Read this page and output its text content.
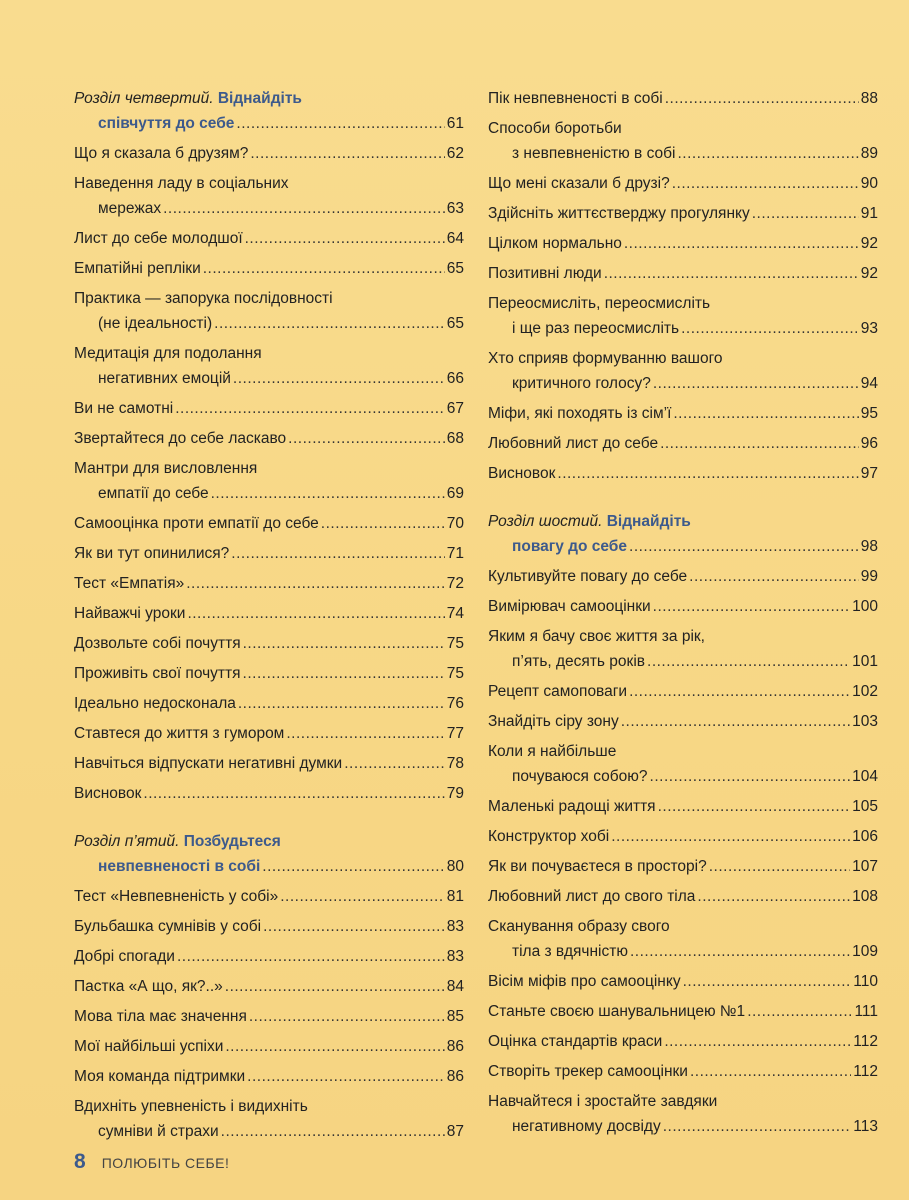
Розділ четвертий.
Віднайдіть
співчуття до себе .....	61
Що я сказала б друзям? .....	62
Наведення ладу в соціальних
мережах .....	63
Лист до себе молодшої .....	64
Емпатійні репліки .....	65
Практика — запорука послідовності
(не ідеальності) .....	65
Медитація для подолання
негативних емоцій .....	66
Ви не самотні .....	67
Звертайтеся до себе ласкаво .....	68
Мантри для висловлення
емпатії до себе .....	69
Самооцінка проти емпатії до себе .....	70
Як ви тут опинилися? .....	71
Тест «Емпатія» .....	72
Найважчі уроки .....	74
Дозвольте собі почуття .....	75
Проживіть свої почуття .....	75
Ідеально недосконала .....	76
Ставтеся до життя з гумором .....	77
Навчіться відпускати негативні думки .....	78
Висновок .....	79
Розділ п’ятий.
Позбудьтеся
невпевненості в собі .....	80
Тест «Невпевненість у собі» .....	81
Бульбашка сумнівів у собі .....	83
Добрі спогади .....	83
Пастка «А що, як?..» .....	84
Мова тіла має значення .....	85
Мої найбільші успіхи .....	86
Моя команда підтримки .....	86
Вдихніть упевненість і видихніть
сумніви й страхи .....	87
Пік невпевненості в собі .....	88
Способи боротьби
з невпевненістю в собі .....	89
Що мені сказали б друзі? .....	90
Здійсніть життєстверджу прогулянку .....	91
Цілком нормально .....	92
Позитивні люди .....	92
Переосмисліть, переосмисліть
і ще раз переосмисліть .....	93
Хто сприяв формуванню вашого
критичного голосу? .....	94
Міфи, які походять із сім’ї .....	95
Любовний лист до себе .....	96
Висновок .....	97
Розділ шостий.
Віднайдіть
повагу до себе .....	98
Культивуйте повагу до себе .....	99
Вимірювач самооцінки .....	100
Яким я бачу своє життя за рік,
п’ять, десять років .....	101
Рецепт самоповаги .....	102
Знайдіть сіру зону .....	103
Коли я найбільше
почуваюся собою? .....	104
Маленькі радощі життя .....	105
Конструктор хобі .....	106
Як ви почуваєтеся в просторі? .....	107
Любовний лист до свого тіла .....	108
Сканування образу свого
тіла з вдячністю .....	109
Вісім міфів про самооцінку .....	110
Станьте своєю шанувальницею №1 .....	111
Оцінка стандартів краси .....	112
Створіть трекер самооцінки .....	112
Навчайтеся і зростайте завдяки
негативному досвіду .....	113
8 ПОЛЮБІТЬ СЕБЕ!
